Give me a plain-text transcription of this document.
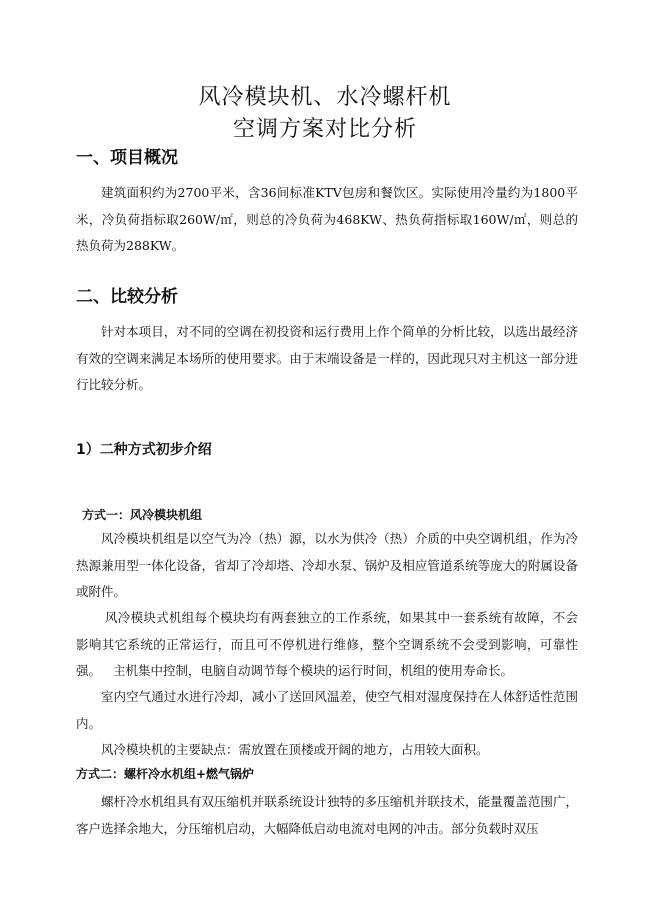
风冷模块机、水冷螺杆机
空调方案对比分析
一、项目概况

建筑面积约为2700平米，含36间标准KTV包房和餐饮区。实际使用冷量约为1800平米，冷负荷指标取260W/㎡，则总的冷负荷为468KW、热负荷指标取160W/㎡，则总的热负荷为288KW。

二、比较分析

针对本项目，对不同的空调在初投资和运行费用上作个简单的分析比较，以选出最经济有效的空调来满足本场所的使用要求。由于末端设备是一样的，因此现只对主机这一部分进行比较分析。

1）二种方式初步介绍
方式一：风冷模块机组

风冷模块机组是以空气为冷（热）源，以水为供冷（热）介质的中央空调机组，作为冷热源兼用型一体化设备，省却了冷却塔、冷却水泵、锅炉及相应管道系统等庞大的附属设备或附件。

风冷模块式机组每个模块均有两套独立的工作系统，如果其中一套系统有故障，不会影响其它系统的正常运行，而且可不停机进行维修，整个空调系统不会受到影响，可靠性强。 主机集中控制，电脑自动调节每个模块的运行时间，机组的使用寿命长。

室内空气通过水进行冷却，减小了送回风温差，使空气相对湿度保持在人体舒适性范围内。

风冷模块机的主要缺点：需放置在顶楼或开阔的地方，占用较大面积。

方式二：螺杆冷水机组+燃气锅炉

螺杆冷水机组具有双压缩机并联系统设计独特的多压缩机并联技术，能量覆盖范围广，客户选择余地大，分压缩机启动，大幅降低启动电流对电网的冲击。部分负载时双压
